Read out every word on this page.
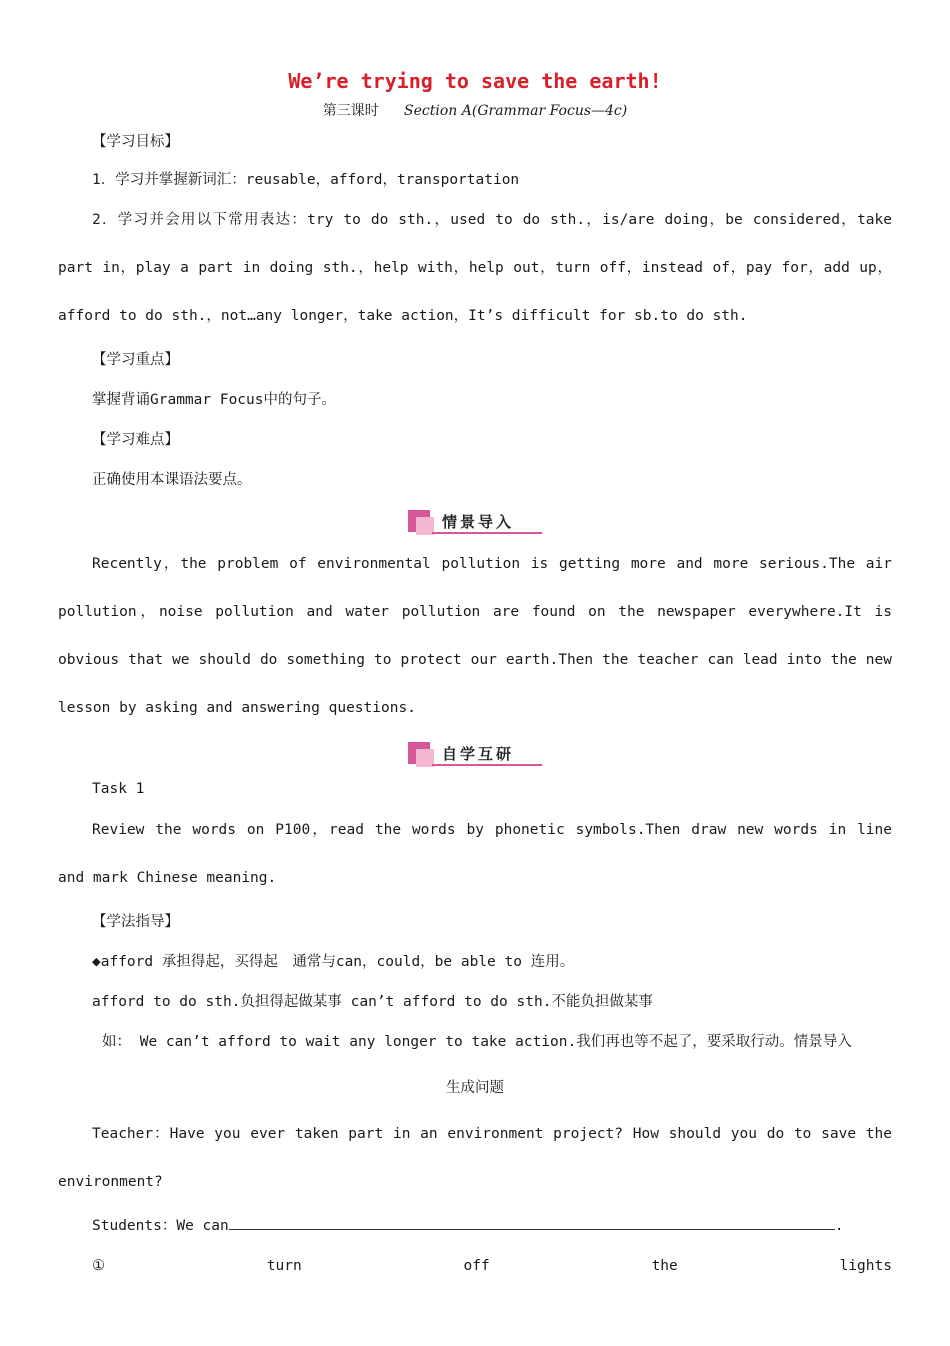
We’re trying to save the earth!
第三课时 Section A(Grammar Focus—4c)
【学习目标】
1．学习并掌握新词汇：reusable，afford，transportation
2．学习并会用以下常用表达：try to do sth.，used to do sth.，is/are doing，be considered，take part in，play a part in doing sth.，help with，help out，turn off，instead of，pay for，add up，afford to do sth.，not…any longer，take action，It’s difficult for sb.to do sth.
【学习重点】
掌握背诵Grammar Focus中的句子。
【学习难点】
正确使用本课语法要点。
情景导入
Recently，the problem of environmental pollution is getting more and more serious.The air pollution，noise pollution and water pollution are found on the newspaper everywhere.It is obvious that we should do something to protect our earth.Then the teacher can lead into the new lesson by asking and answering questions.
自学互研
Task 1
Review the words on P100，read the words by phonetic symbols.Then draw new words in line and mark Chinese meaning.
【学法指导】
◆afford 承担得起，买得起　通常与can，could，be able to 连用。
afford to do sth.负担得起做某事 can’t afford to do sth.不能负担做某事
如： We can’t afford to wait any longer to take action.我们再也等不起了，要采取行动。情景导入
生成问题
Teacher：Have you ever taken part in an environment project? How should you do to save the environment?
Students：We can	.
①	turn	off	the	lights
